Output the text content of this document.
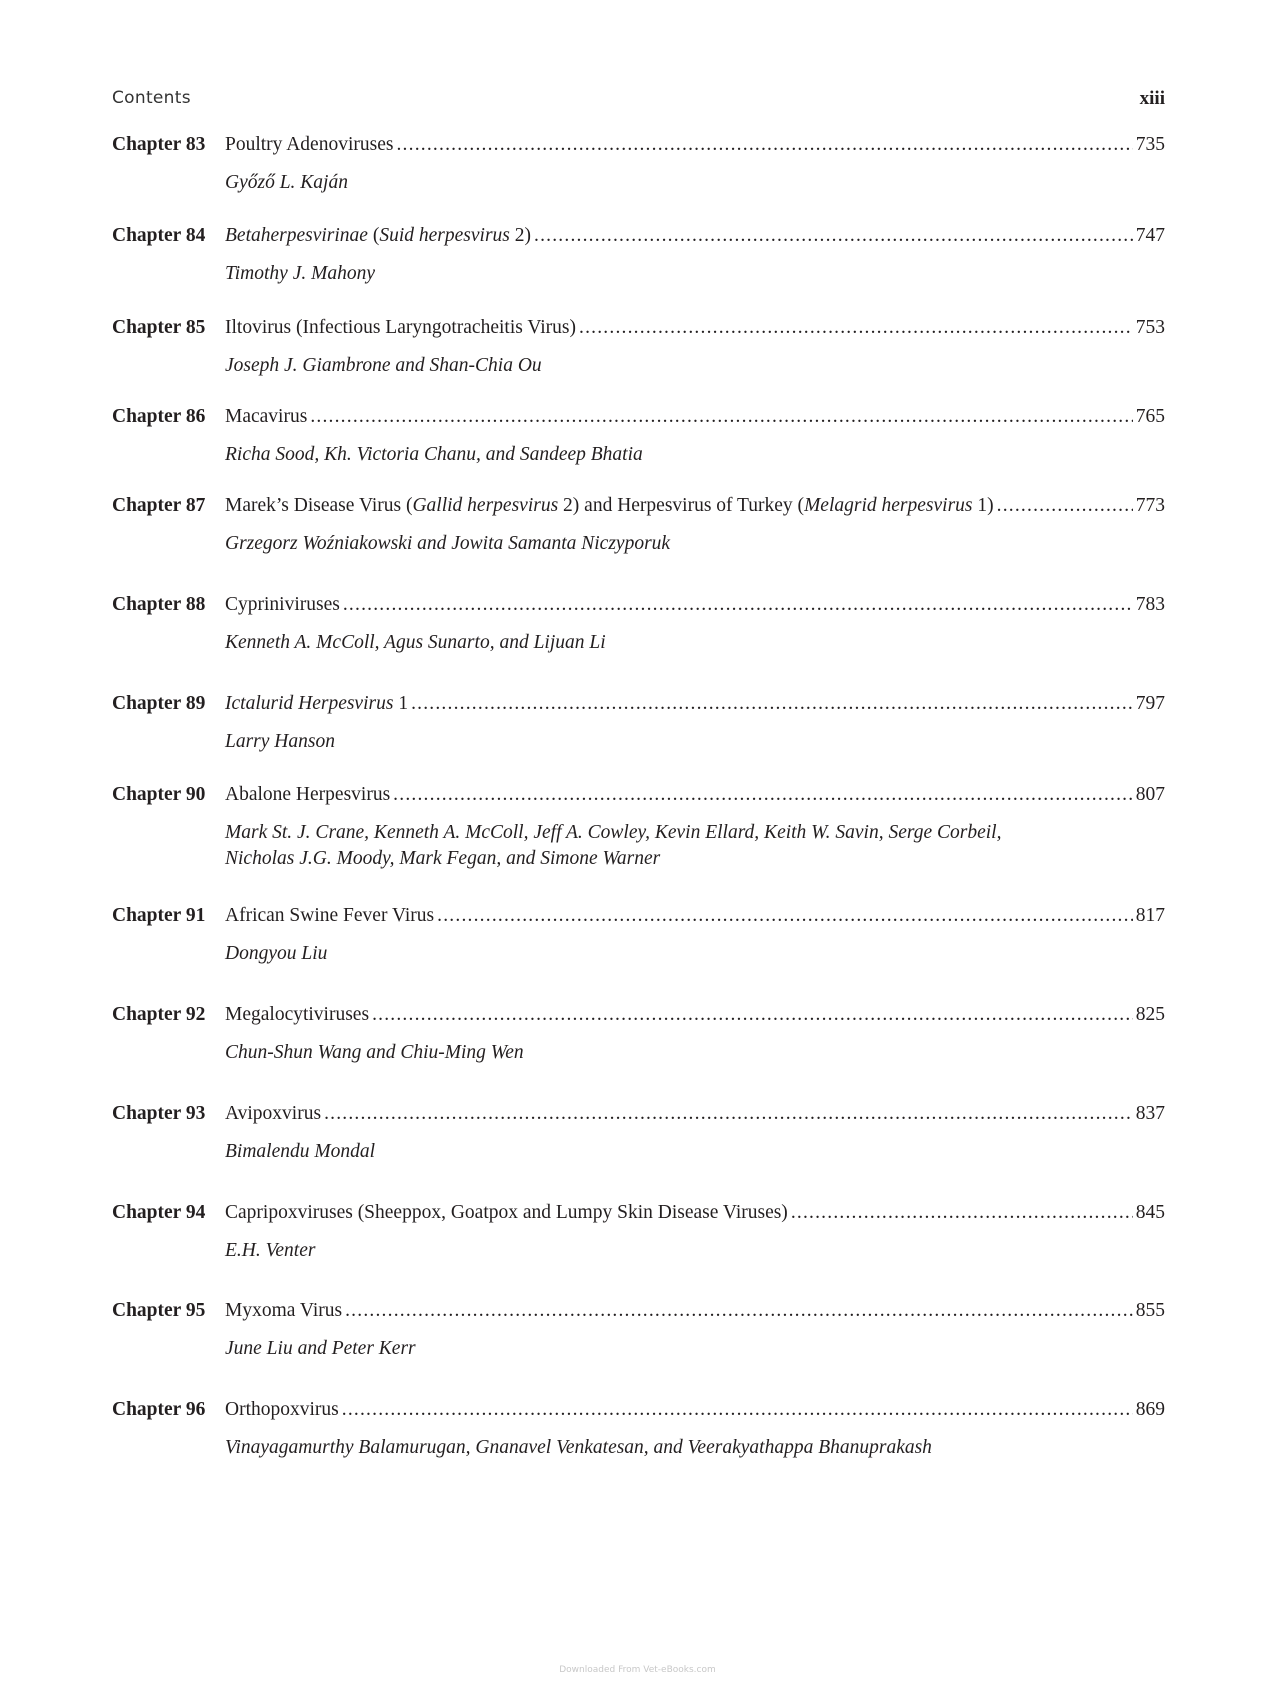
Contents	xiii
Chapter 83	Poultry Adenoviruses .....	735
Győző L. Kaján
Chapter 84	Betaherpesvirinae (Suid herpesvirus 2) .....	747
Timothy J. Mahony
Chapter 85	Iltovirus (Infectious Laryngotracheitis Virus) .....	753
Joseph J. Giambrone and Shan-Chia Ou
Chapter 86	Macavirus .....	765
Richa Sood, Kh. Victoria Chanu, and Sandeep Bhatia
Chapter 87	Marek’s Disease Virus (Gallid herpesvirus 2) and Herpesvirus of Turkey (Melagrid herpesvirus 1) .....	773
Grzegorz Woźniakowski and Jowita Samanta Niczyporuk
Chapter 88	Cypriniviruses .....	783
Kenneth A. McColl, Agus Sunarto, and Lijuan Li
Chapter 89	Ictalurid Herpesvirus 1 .....	797
Larry Hanson
Chapter 90	Abalone Herpesvirus .....	807
Mark St. J. Crane, Kenneth A. McColl, Jeff A. Cowley, Kevin Ellard, Keith W. Savin, Serge Corbeil,
Nicholas J.G. Moody, Mark Fegan, and Simone Warner
Chapter 91	African Swine Fever Virus .....	817
Dongyou Liu
Chapter 92	Megalocytiviruses .....	825
Chun-Shun Wang and Chiu-Ming Wen
Chapter 93	Avipoxvirus .....	837
Bimalendu Mondal
Chapter 94	Capripoxviruses (Sheeppox, Goatpox and Lumpy Skin Disease Viruses) .....	845
E.H. Venter
Chapter 95	Myxoma Virus .....	855
June Liu and Peter Kerr
Chapter 96	Orthopoxvirus .....	869
Vinayagamurthy Balamurugan, Gnanavel Venkatesan, and Veerakyathappa Bhanuprakash
Downloaded From Vet-eBooks.com
